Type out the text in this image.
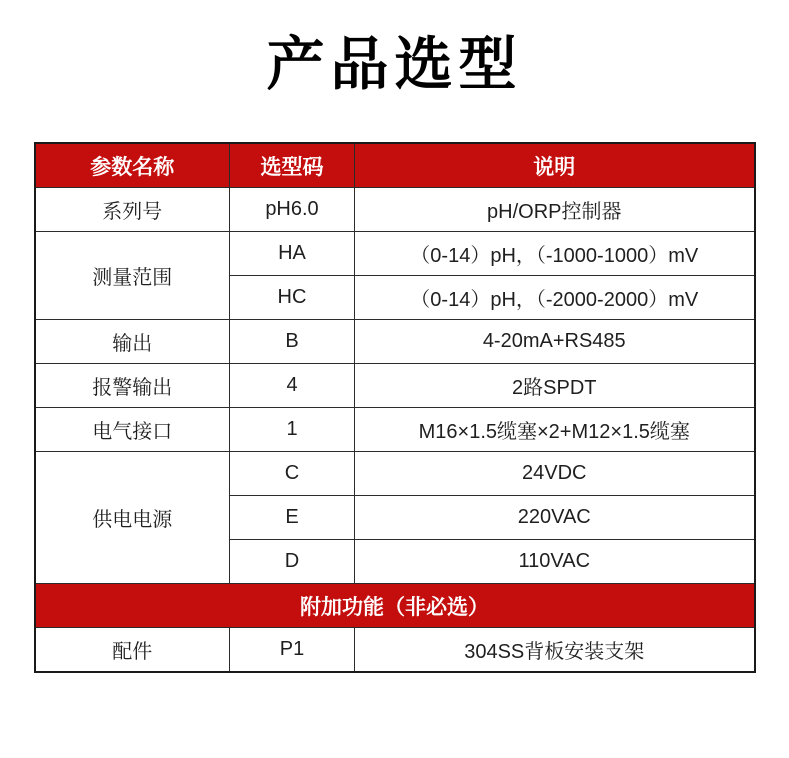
产品选型
参数名称	选型码	说明
系列号	pH6.0	pH/ORP控制器
测量范围	HA	（0-14）pH，（-1000-1000）mV
	HC	（0-14）pH，（-2000-2000）mV
输出	B	4-20mA+RS485
报警输出	4	2路SPDT
电气接口	1	M16×1.5缆塞×2+M12×1.5缆塞
供电电源	C	24VDC
	E	220VAC
	D	110VAC
附加功能（非必选）		
配件	P1	304SS背板安装支架
